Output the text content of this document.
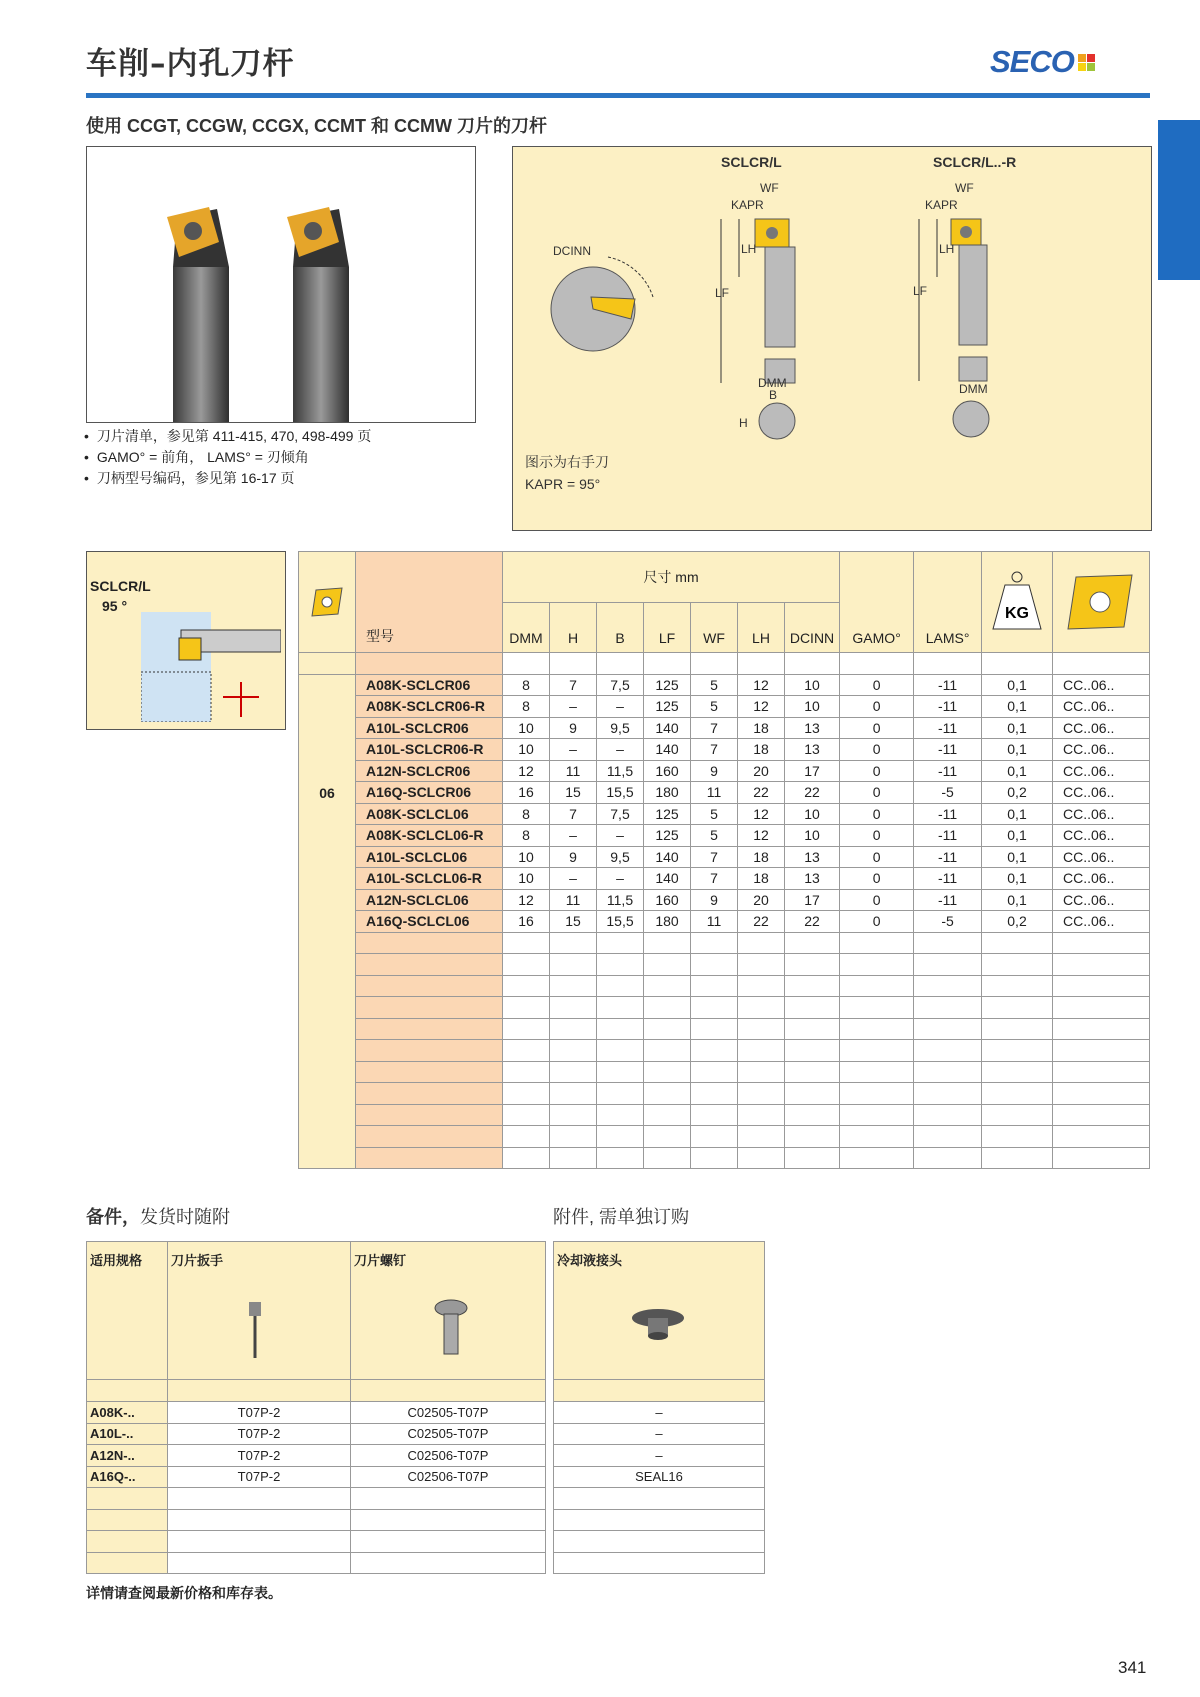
车削–内孔刀杆	SECO
使用 CCGT, CCGW, CCGX, CCMT 和 CCMW 刀片的刀杆
• 刀片清单，参见第 411-415, 470, 498-499 页
• GAMO° = 前角， LAMS° = 刃倾角
• 刀柄型号编码，参见第 16-17 页
SCLCR/L	SCLCR/L..-R
DCINN
WF
KAPR
LH
LF
DMM
B
H
WF
KAPR
LH
LF
DMM
图示为右手刀
KAPR = 95°
SCLCR/L
95 °
	型号	尺寸 mm							GAMO°	LAMS°	KG

		DMM	H	B	LF	WF	LH	DCINN				

06	A08K-SCLCR06	8	7	7,5	125	5	12	10	0	-11	0,1	CC..06..
	A08K-SCLCR06-R	8	–	–	125	5	12	10	0	-11	0,1	CC..06..
	A10L-SCLCR06	10	9	9,5	140	7	18	13	0	-11	0,1	CC..06..
	A10L-SCLCR06-R	10	–	–	140	7	18	13	0	-11	0,1	CC..06..
	A12N-SCLCR06	12	11	11,5	160	9	20	17	0	-11	0,1	CC..06..
	A16Q-SCLCR06	16	15	15,5	180	11	22	22	0	-5	0,2	CC..06..
	A08K-SCLCL06	8	7	7,5	125	5	12	10	0	-11	0,1	CC..06..
	A08K-SCLCL06-R	8	–	–	125	5	12	10	0	-11	0,1	CC..06..
	A10L-SCLCL06	10	9	9,5	140	7	18	13	0	-11	0,1	CC..06..
	A10L-SCLCL06-R	10	–	–	140	7	18	13	0	-11	0,1	CC..06..
	A12N-SCLCL06	12	11	11,5	160	9	20	17	0	-11	0,1	CC..06..
	A16Q-SCLCL06	16	15	15,5	180	11	22	22	0	-5	0,2	CC..06..

备件，发货时随附	附件, 需单独订购
适用规格	刀片扳手	刀片螺钉

A08K-..	T07P-2	C02505-T07P
A10L-..	T07P-2	C02505-T07P
A12N-..	T07P-2	C02506-T07P
A16Q-..	T07P-2	C02506-T07P

冷却液接头

–
–
–
SEAL16

详情请查阅最新价格和库存表。
341
